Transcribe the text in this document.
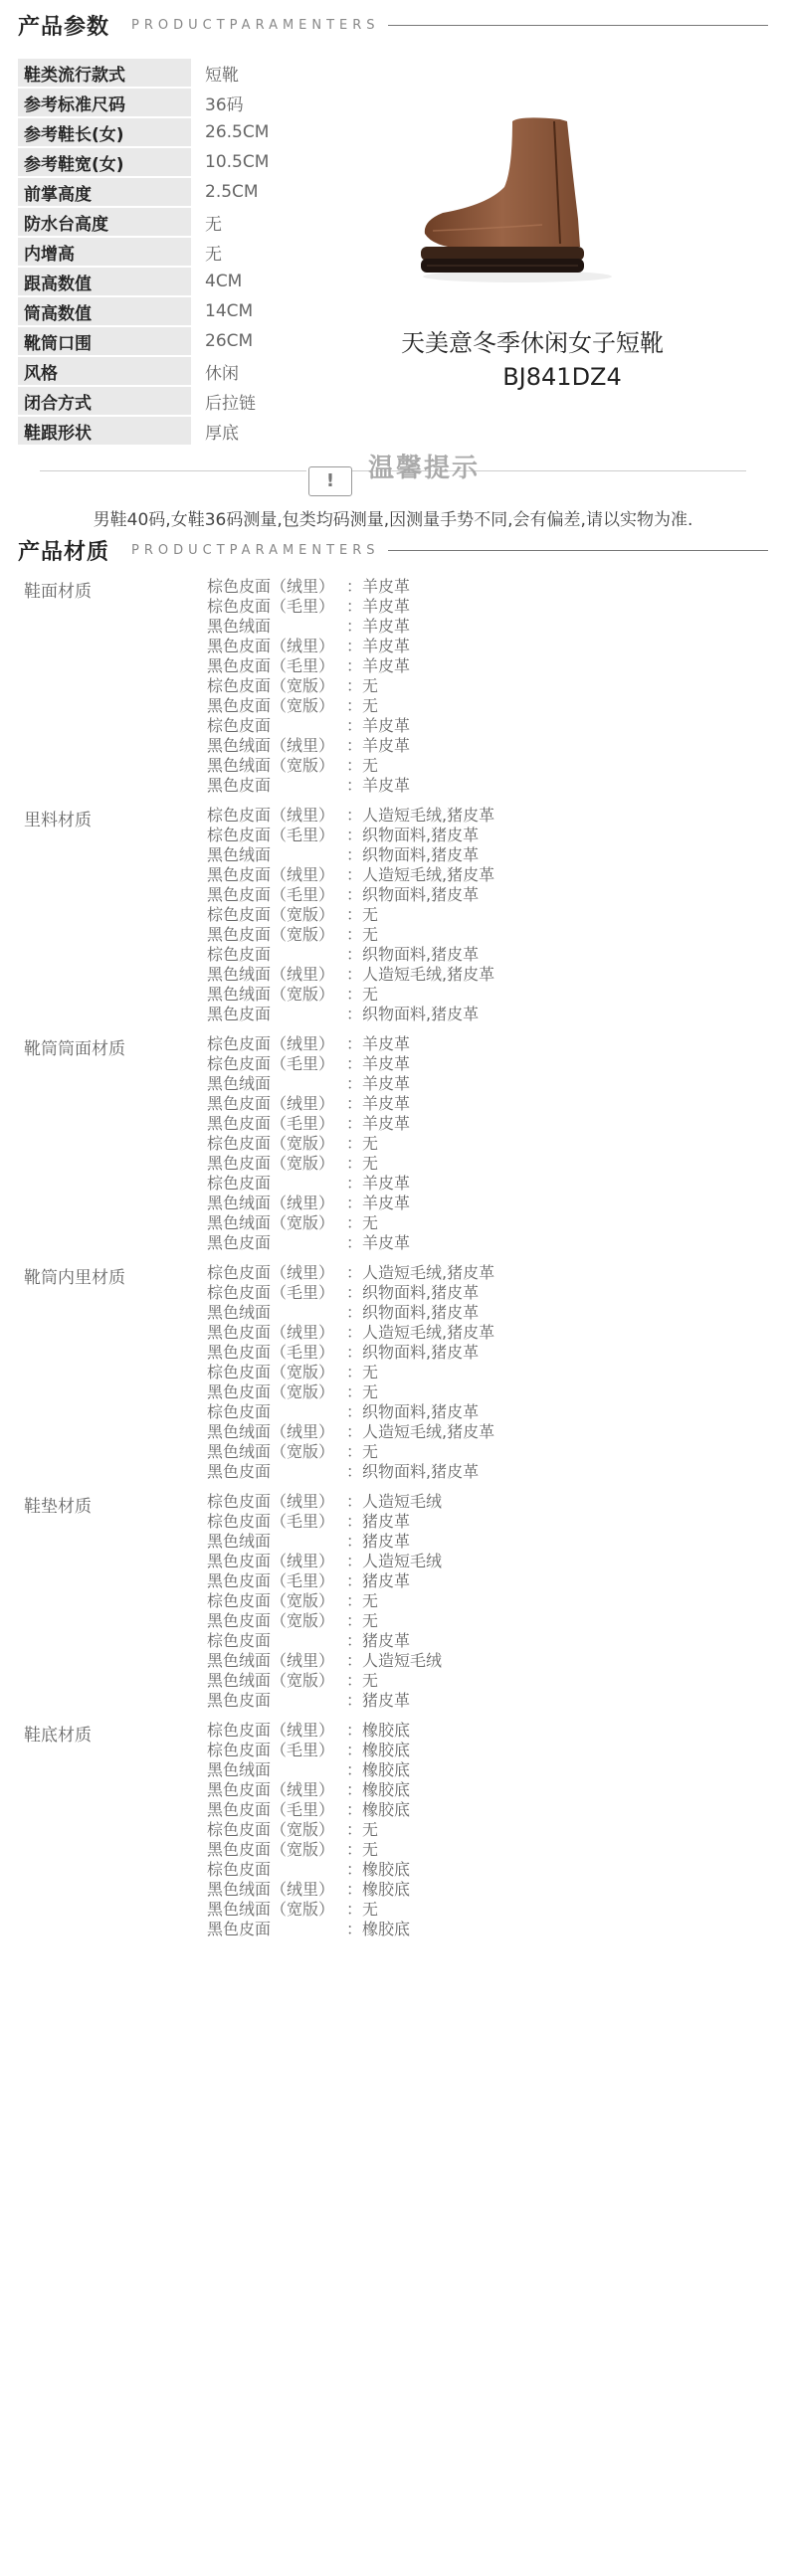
产品参数 PRODUCTPARAMENTERS
鞋类流行款式	短靴
参考标准尺码	36码
参考鞋长(女)	26.5CM
参考鞋宽(女)	10.5CM
前掌高度	2.5CM
防水台高度	无
内增高	无
跟高数值	4CM
筒高数值	14CM
靴筒口围	26CM
风格	休闲
闭合方式	后拉链
鞋跟形状	厚底
天美意冬季休闲女子短靴
BJ841DZ4
!	温馨提示
男鞋40码,女鞋36码测量,包类均码测量,因测量手势不同,会有偏差,请以实物为准.
产品材质 PRODUCTPARAMENTERS
鞋面材质	棕色皮面（绒里） ：羊皮革
棕色皮面（毛里） ：羊皮革
黑色绒面	：羊皮革
黑色皮面（绒里） ：羊皮革
黑色皮面（毛里） ：羊皮革
棕色皮面（宽版） ：无
黑色皮面（宽版） ：无
棕色皮面	：羊皮革
黑色绒面（绒里） ：羊皮革
黑色绒面（宽版） ：无
黑色皮面	：羊皮革
里料材质	棕色皮面（绒里） ：人造短毛绒,猪皮革
棕色皮面（毛里） ：织物面料,猪皮革
黑色绒面	：织物面料,猪皮革
黑色皮面（绒里） ：人造短毛绒,猪皮革
黑色皮面（毛里） ：织物面料,猪皮革
棕色皮面（宽版） ：无
黑色皮面（宽版） ：无
棕色皮面	：织物面料,猪皮革
黑色绒面（绒里） ：人造短毛绒,猪皮革
黑色绒面（宽版） ：无
黑色皮面	：织物面料,猪皮革
靴筒筒面材质	棕色皮面（绒里） ：羊皮革
棕色皮面（毛里） ：羊皮革
黑色绒面	：羊皮革
黑色皮面（绒里） ：羊皮革
黑色皮面（毛里） ：羊皮革
棕色皮面（宽版） ：无
黑色皮面（宽版） ：无
棕色皮面	：羊皮革
黑色绒面（绒里） ：羊皮革
黑色绒面（宽版） ：无
黑色皮面	：羊皮革
靴筒内里材质	棕色皮面（绒里） ：人造短毛绒,猪皮革
棕色皮面（毛里） ：织物面料,猪皮革
黑色绒面	：织物面料,猪皮革
黑色皮面（绒里） ：人造短毛绒,猪皮革
黑色皮面（毛里） ：织物面料,猪皮革
棕色皮面（宽版） ：无
黑色皮面（宽版） ：无
棕色皮面	：织物面料,猪皮革
黑色绒面（绒里） ：人造短毛绒,猪皮革
黑色绒面（宽版） ：无
黑色皮面	：织物面料,猪皮革
鞋垫材质	棕色皮面（绒里） ：人造短毛绒
棕色皮面（毛里） ：猪皮革
黑色绒面	：猪皮革
黑色皮面（绒里） ：人造短毛绒
黑色皮面（毛里） ：猪皮革
棕色皮面（宽版） ：无
黑色皮面（宽版） ：无
棕色皮面	：猪皮革
黑色绒面（绒里） ：人造短毛绒
黑色绒面（宽版） ：无
黑色皮面	：猪皮革
鞋底材质	棕色皮面（绒里） ：橡胶底
棕色皮面（毛里） ：橡胶底
黑色绒面	：橡胶底
黑色皮面（绒里） ：橡胶底
黑色皮面（毛里） ：橡胶底
棕色皮面（宽版） ：无
黑色皮面（宽版） ：无
棕色皮面	：橡胶底
黑色绒面（绒里） ：橡胶底
黑色绒面（宽版） ：无
黑色皮面	：橡胶底
